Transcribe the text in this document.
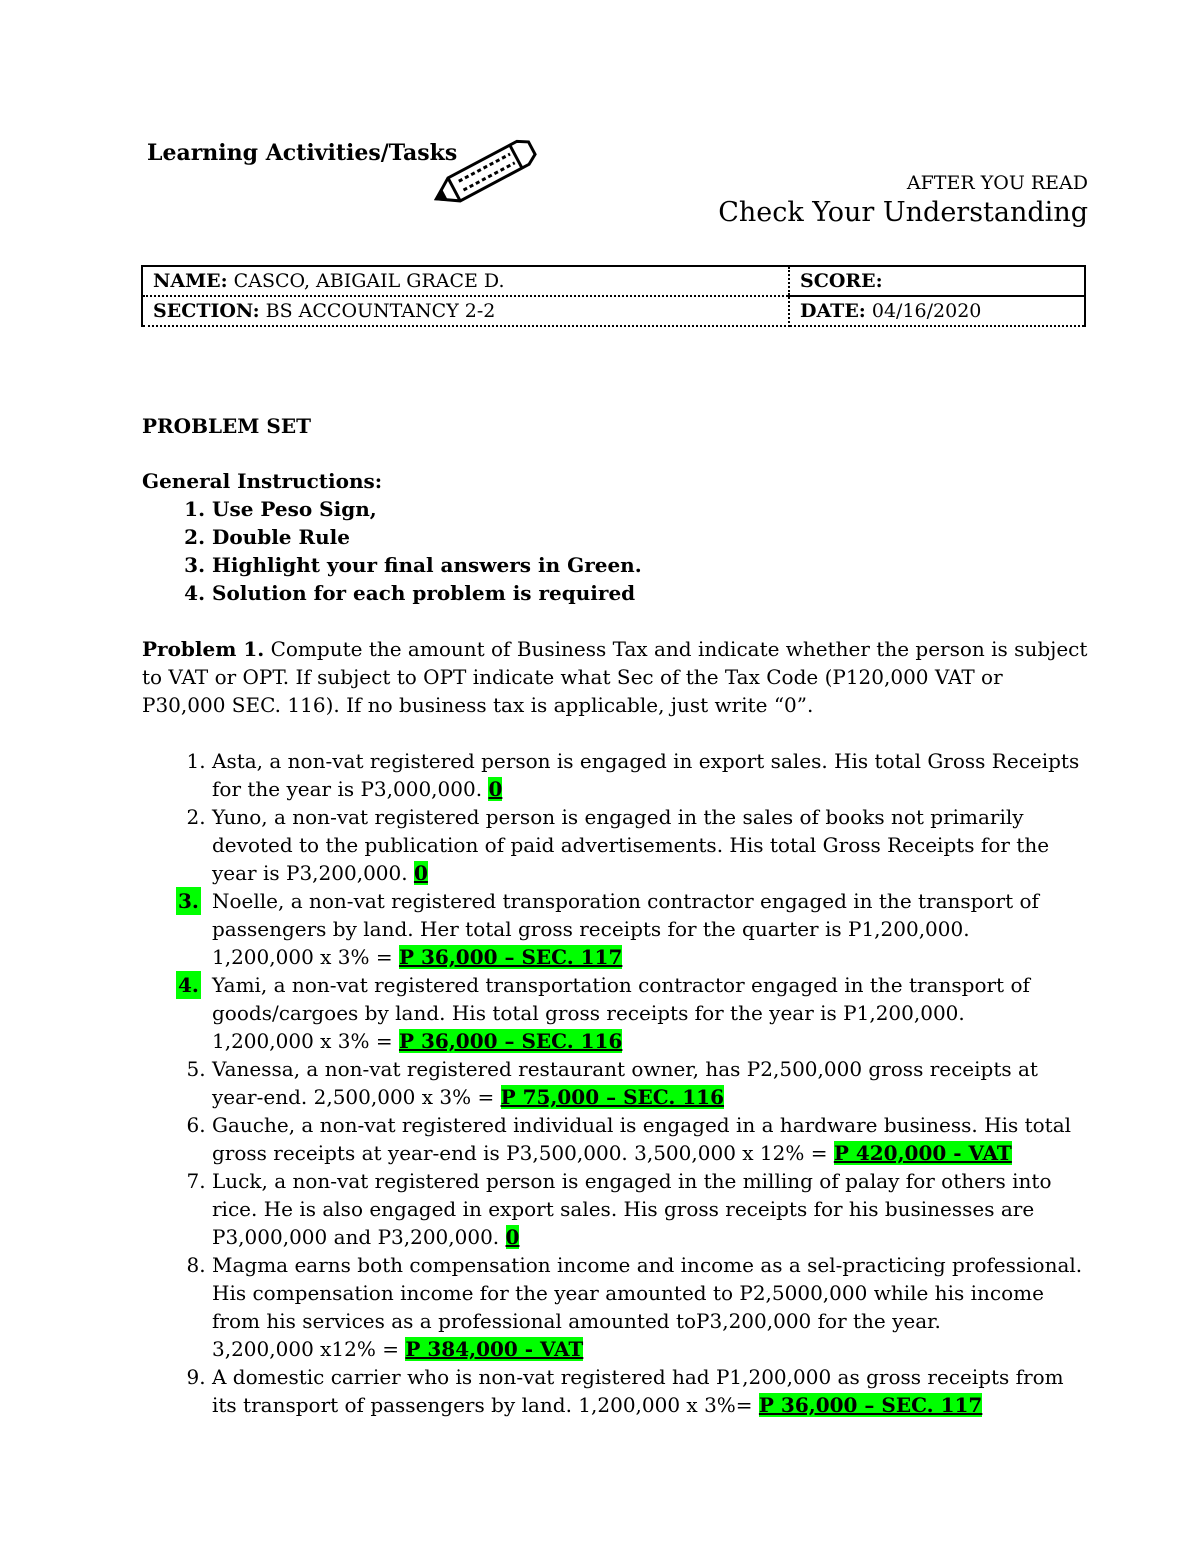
Learning Activities/Tasks
AFTER YOU READ
Check Your Understanding
NAME: CASCO, ABIGAIL GRACE D.	SCORE:
SECTION: BS ACCOUNTANCY 2-2	DATE: 04/16/2020

PROBLEM SET

General Instructions:

1. Use Peso Sign,
2. Double Rule
3. Highlight your final answers in Green.
4. Solution for each problem is required

Problem 1. Compute the amount of Business Tax and indicate whether the person is subject to VAT or OPT. If subject to OPT indicate what Sec of the Tax Code (P120,000 VAT or P30,000 SEC. 116). If no business tax is applicable, just write “0”.

1. Asta, a non-vat registered person is engaged in export sales. His total Gross Receipts for the year is P3,000,000. 0
2. Yuno, a non-vat registered person is engaged in the sales of books not primarily devoted to the publication of paid advertisements. His total Gross Receipts for the year is P3,200,000. 0
3. Noelle, a non-vat registered transporation contractor engaged in the transport of passengers by land. Her total gross receipts for the quarter is P1,200,000.
1,200,000 x 3% = P 36,000 – SEC. 117
4. Yami, a non-vat registered transportation contractor engaged in the transport of goods/cargoes by land. His total gross receipts for the year is P1,200,000.
1,200,000 x 3% = P 36,000 – SEC. 116
5. Vanessa, a non-vat registered restaurant owner, has P2,500,000 gross receipts at year-end. 2,500,000 x 3% = P 75,000 – SEC. 116
6. Gauche, a non-vat registered individual is engaged in a hardware business. His total gross receipts at year-end is P3,500,000. 3,500,000 x 12% = P 420,000 - VAT
7. Luck, a non-vat registered person is engaged in the milling of palay for others into rice. He is also engaged in export sales. His gross receipts for his businesses are P3,000,000 and P3,200,000. 0
8. Magma earns both compensation income and income as a sel-practicing professional. His compensation income for the year amounted to P2,5000,000 while his income from his services as a professional amounted toP3,200,000 for the year.
3,200,000 x12% = P 384,000 - VAT
9. A domestic carrier who is non-vat registered had P1,200,000 as gross receipts from its transport of passengers by land. 1,200,000 x 3%= P 36,000 – SEC. 117
